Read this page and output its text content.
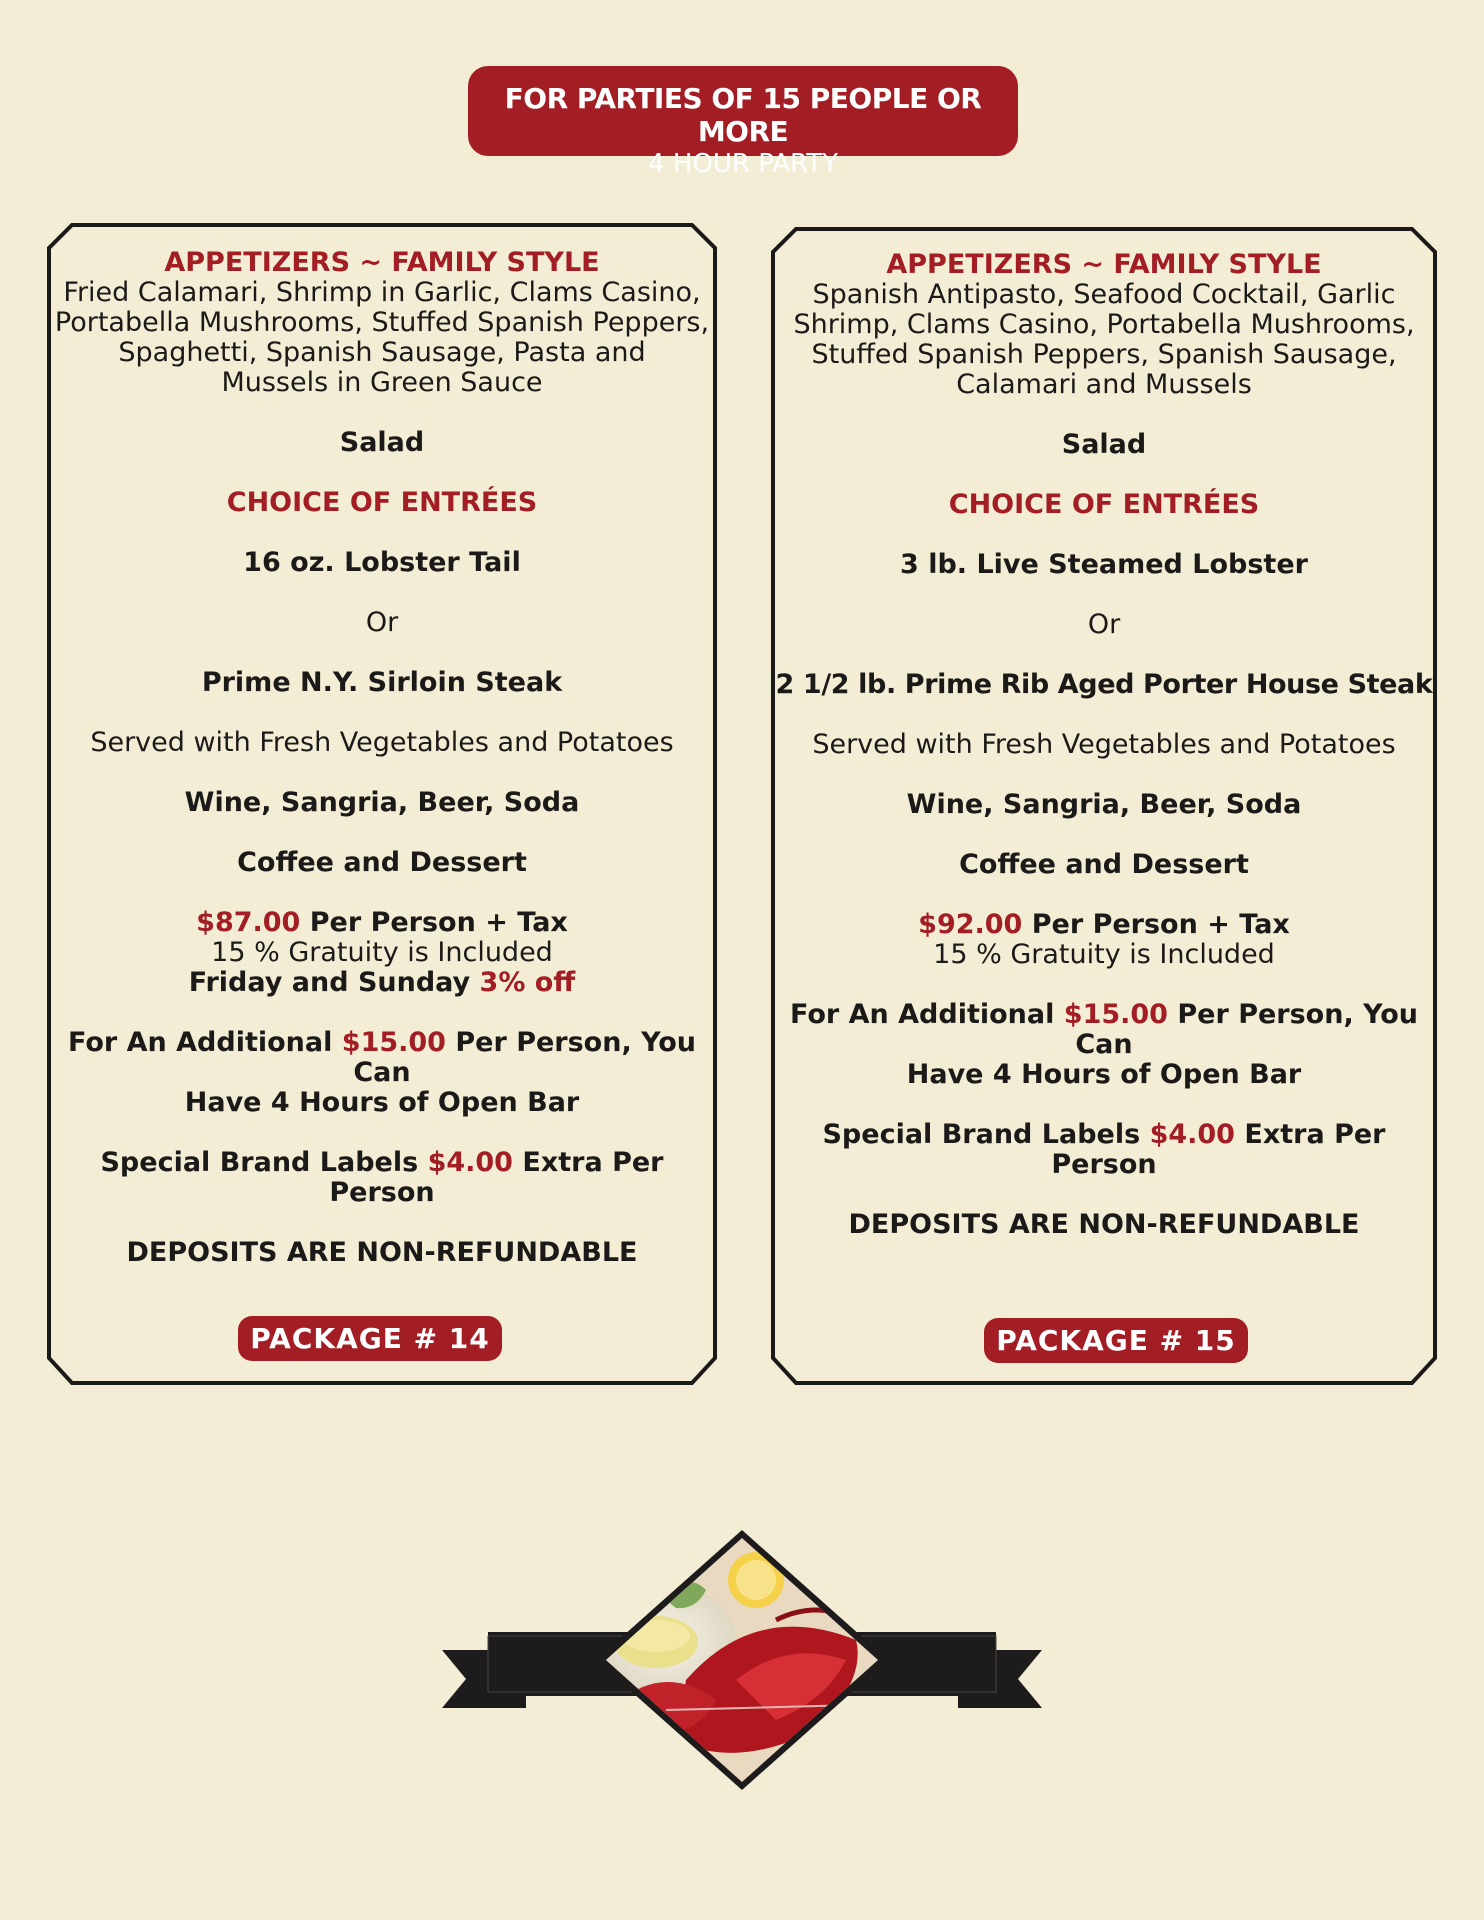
FOR PARTIES OF 15 PEOPLE OR MORE
4 HOUR PARTY
APPETIZERS ~ FAMILY STYLE
Fried Calamari, Shrimp in Garlic, Clams Casino,
Portabella Mushrooms, Stuffed Spanish Peppers,
Spaghetti, Spanish Sausage, Pasta and
Mussels in Green Sauce
Salad
CHOICE OF ENTRÉES
16 oz. Lobster Tail
Or
Prime N.Y. Sirloin Steak
Served with Fresh Vegetables and Potatoes
Wine, Sangria, Beer, Soda
Coffee and Dessert
$87.00 Per Person + Tax
15 % Gratuity is Included
Friday and Sunday 3% off
For An Additional $15.00 Per Person, You Can
Have 4 Hours of Open Bar
Special Brand Labels $4.00 Extra Per Person
DEPOSITS ARE NON-REFUNDABLE
PACKAGE # 14
APPETIZERS ~ FAMILY STYLE
Spanish Antipasto, Seafood Cocktail, Garlic
Shrimp, Clams Casino, Portabella Mushrooms,
Stuffed Spanish Peppers, Spanish Sausage,
Calamari and Mussels
Salad
CHOICE OF ENTRÉES
3 lb. Live Steamed Lobster
Or
2 1/2 lb. Prime Rib Aged Porter House Steak
Served with Fresh Vegetables and Potatoes
Wine, Sangria, Beer, Soda
Coffee and Dessert
$92.00 Per Person + Tax
15 % Gratuity is Included
For An Additional $15.00 Per Person, You Can
Have 4 Hours of Open Bar
Special Brand Labels $4.00 Extra Per Person
DEPOSITS ARE NON-REFUNDABLE
PACKAGE # 15
